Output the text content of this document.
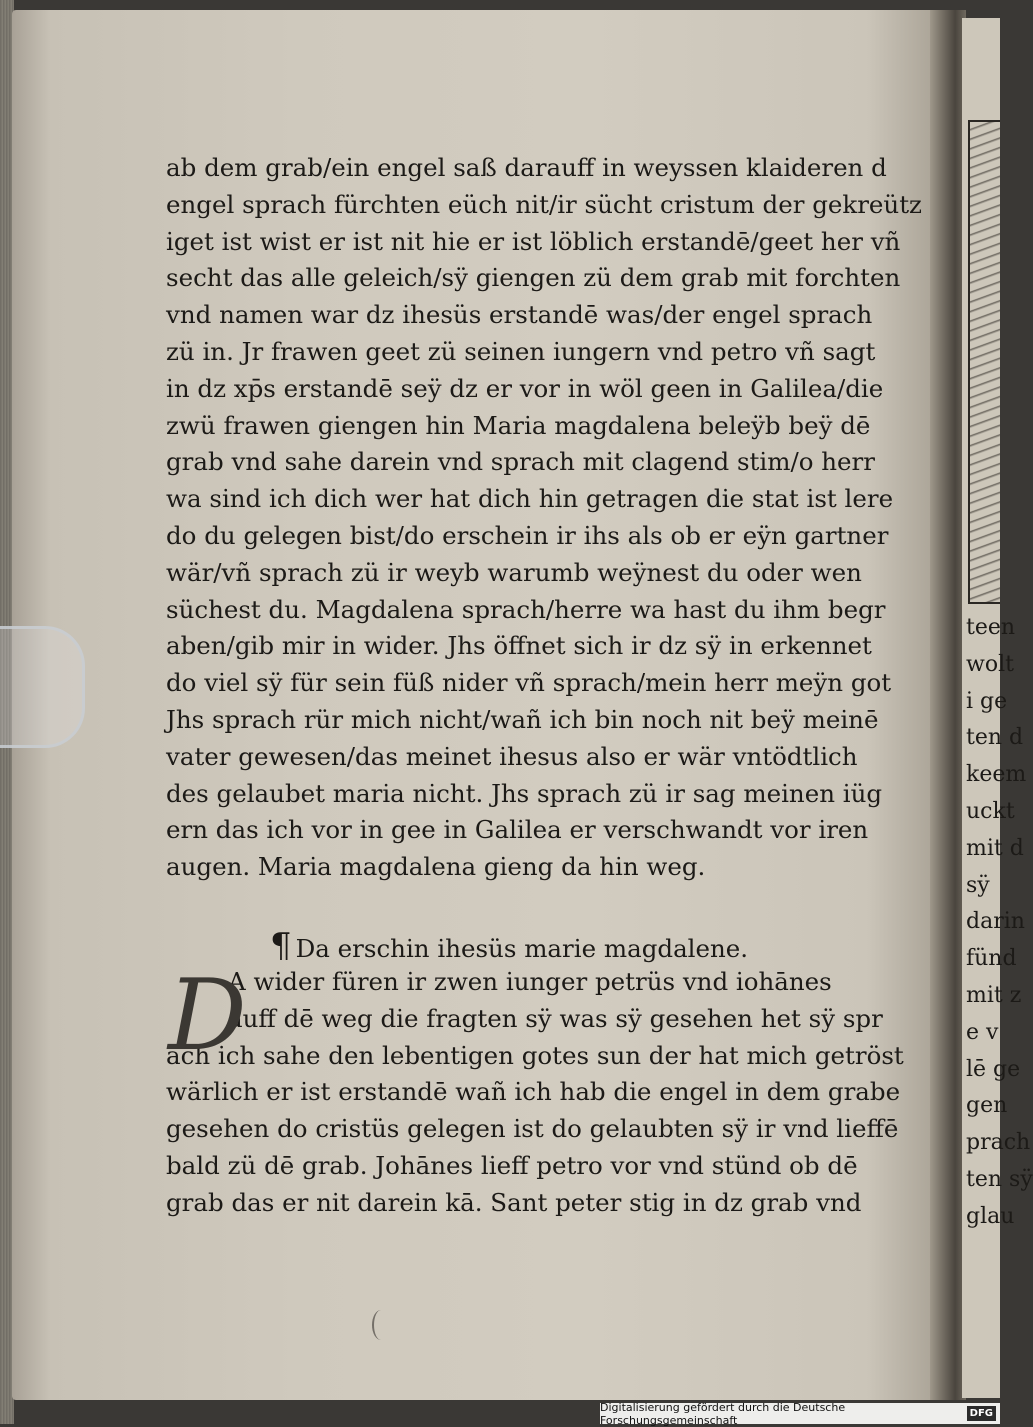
ab dem grab/ein engel saß darauff in weyssen klaideren d
engel sprach fürchten eüch nit/ir sücht cristum der gekreütz
iget ist wist er ist nit hie er ist löblich erstandē/geet her vñ
secht das alle geleich/sÿ giengen zü dem grab mit forchten
vnd namen war dz ihesüs erstandē was/der engel sprach
zü in. Jr frawen geet zü seinen iungern vnd petro vñ sagt
in dz xp̄s erstandē seÿ dz er vor in wöl geen in Galilea/die
zwü frawen giengen hin Maria magdalena beleÿb beÿ dē
grab vnd sahe darein vnd sprach mit clagend stim/o herr
wa sind ich dich wer hat dich hin getragen die stat ist lere
do du gelegen bist/do erschein ir ihs als ob er eÿn gartner
wär/vñ sprach zü ir weyb warumb weÿnest du oder wen
süchest du. Magdalena sprach/herre wa hast du ihm begr
aben/gib mir in wider. Jhs öffnet sich ir dz sÿ in erkennet
do viel sÿ für sein füß nider vñ sprach/mein herr meÿn got
Jhs sprach rür mich nicht/wañ ich bin noch nit beÿ meinē
vater gewesen/das meinet ihesus also er wär vntödtlich
des gelaubet maria nicht. Jhs sprach zü ir sag meinen iüg
ern das ich vor in gee in Galilea er verschwandt vor iren
augen. Maria magdalena gieng da hin weg.
¶ Da erschin ihesüs marie magdalene.
D
A wider füren ir zwen iunger petrüs vnd iohānes
auff dē weg die fragten sÿ was sÿ gesehen het sÿ spr
ach ich sahe den lebentigen gotes sun der hat mich getröst
wärlich er ist erstandē wañ ich hab die engel in dem grabe
gesehen do cristüs gelegen ist do gelaubten sÿ ir vnd lieffē
bald zü dē grab. Johānes lieff petro vor vnd stünd ob dē
grab das er nit darein kā. Sant peter stig in dz grab vnd
teen
wolt
i ge
ten d
keem
uckt
mit d
sÿ
darin
fünd
mit z
e v
lē ge
gen
prach
ten sÿ
glau
Digitalisierung gefördert durch die Deutsche Forschungsgemeinschaft	DFG
